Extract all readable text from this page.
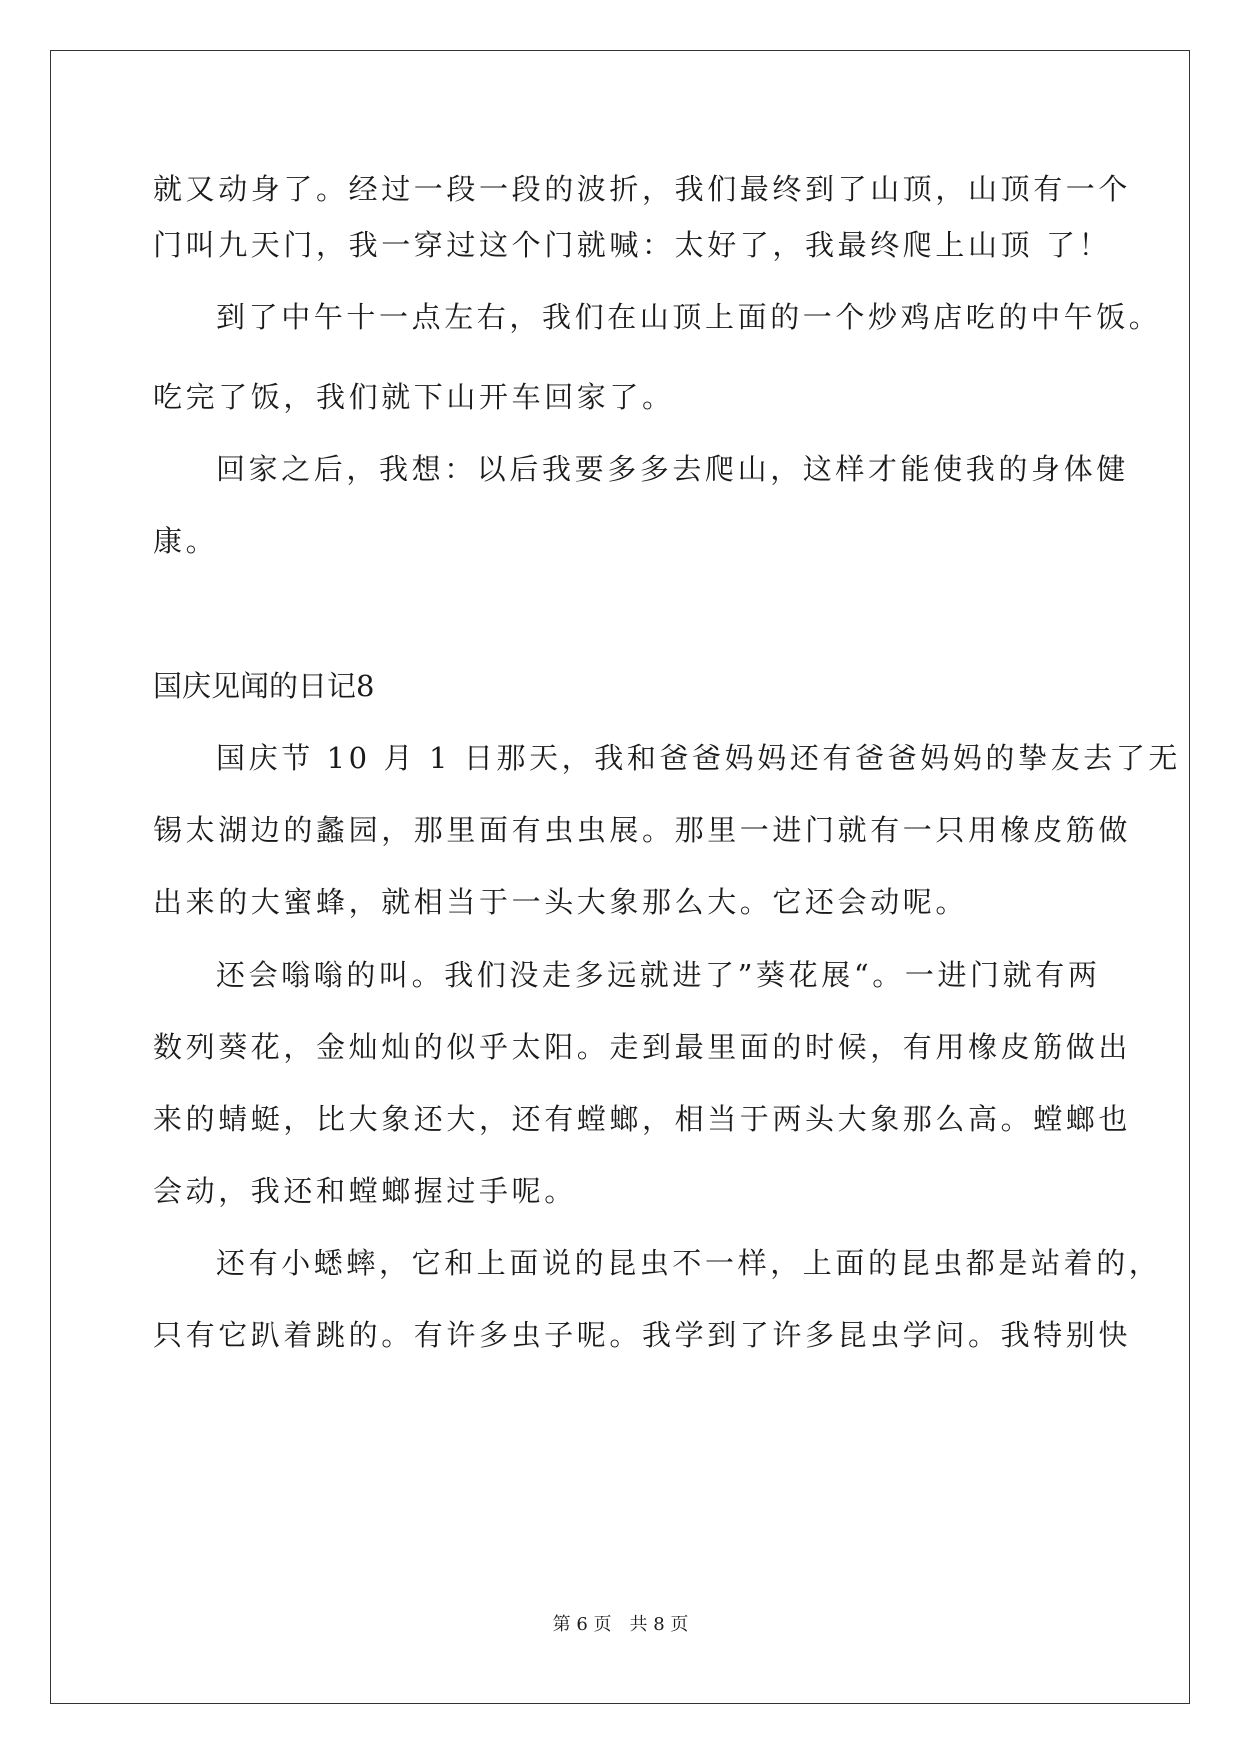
就又动身了。经过一段一段的波折，我们最终到了山顶，山顶有一个
门叫九天门，我一穿过这个门就喊：太好了，我最终爬上山顶 了！
到了中午十一点左右，我们在山顶上面的一个炒鸡店吃的中午饭。
吃完了饭，我们就下山开车回家了。
回家之后，我想：以后我要多多去爬山，这样才能使我的身体健
康。
国庆见闻的日记8
国庆节 10 月 1 日那天，我和爸爸妈妈还有爸爸妈妈的挚友去了无
锡太湖边的蠡园，那里面有虫虫展。那里一进门就有一只用橡皮筋做
出来的大蜜蜂，就相当于一头大象那么大。它还会动呢。
还会嗡嗡的叫。我们没走多远就进了”葵花展“。一进门就有两
数列葵花，金灿灿的似乎太阳。走到最里面的时候，有用橡皮筋做出
来的蜻蜓，比大象还大，还有螳螂，相当于两头大象那么高。螳螂也
会动，我还和螳螂握过手呢。
还有小蟋蟀，它和上面说的昆虫不一样，上面的昆虫都是站着的，
只有它趴着跳的。有许多虫子呢。我学到了许多昆虫学问。我特别快
第 6 页　共 8 页
